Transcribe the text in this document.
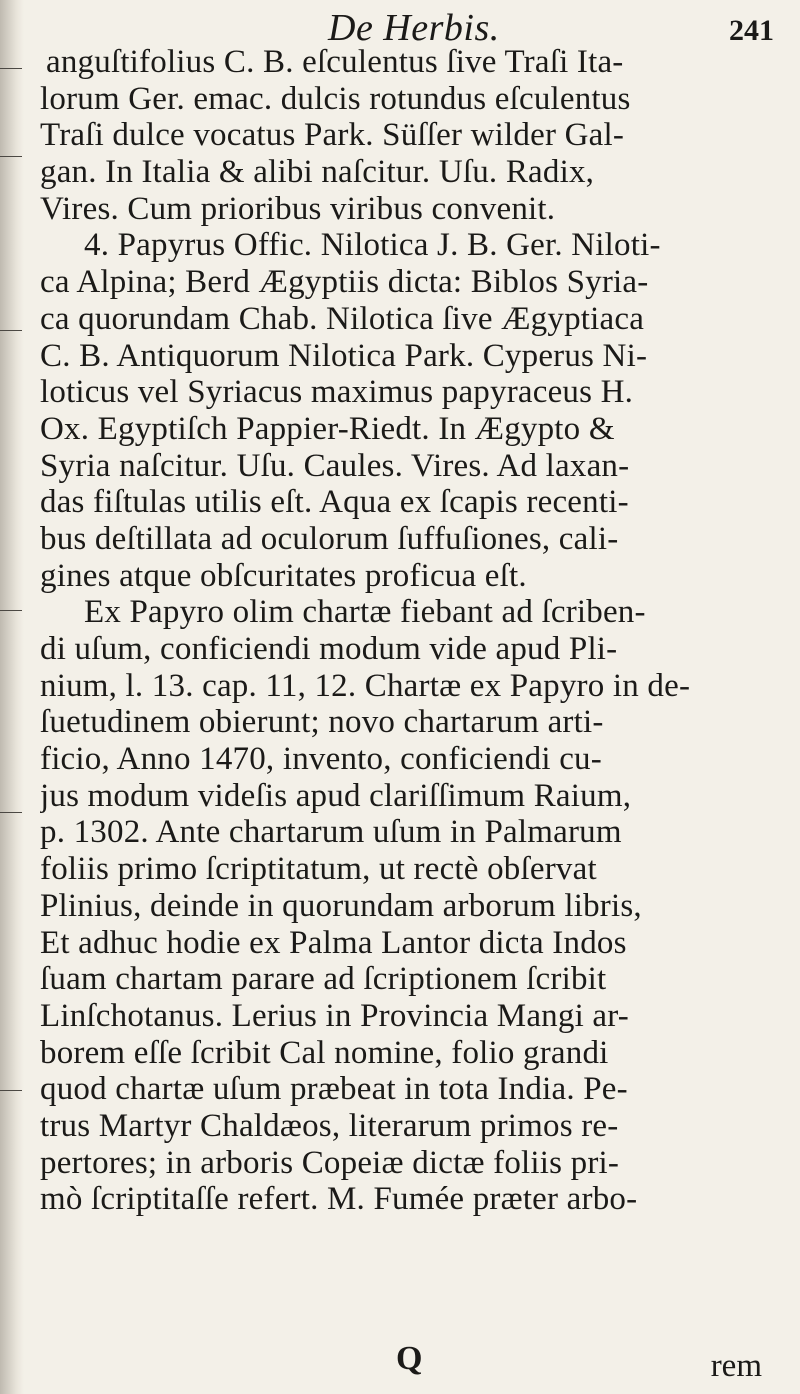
De Herbis.	241
anguſtifolius C. B. eſculentus ſive Traſi Ita-
lorum Ger. emac. dulcis rotundus eſculentus
Traſi dulce vocatus Park. Süſſer wilder Gal-
gan. In Italia & alibi naſcitur. Uſu. Radix,
Vires. Cum prioribus viribus convenit.
4. Papyrus Offic. Nilotica J. B. Ger. Niloti-
ca Alpina; Berd Ægyptiis dicta: Biblos Syria-
ca quorundam Chab. Nilotica ſive Ægyptiaca
C. B. Antiquorum Nilotica Park. Cyperus Ni-
loticus vel Syriacus maximus papyraceus H.
Ox. Egyptiſch Pappier-Riedt. In Ægypto &
Syria naſcitur. Uſu. Caules. Vires. Ad laxan-
das fiſtulas utilis eſt. Aqua ex ſcapis recenti-
bus deſtillata ad oculorum ſuffuſiones, cali-
gines atque obſcuritates proficua eſt.
Ex Papyro olim chartæ fiebant ad ſcriben-
di uſum, conficiendi modum vide apud Pli-
nium, l. 13. cap. 11, 12. Chartæ ex Papyro in de-
ſuetudinem obierunt; novo chartarum arti-
ficio, Anno 1470, invento, conficiendi cu-
jus modum videſis apud clariſſimum Raium,
p. 1302. Ante chartarum uſum in Palmarum
foliis primo ſcriptitatum, ut rectè obſervat
Plinius, deinde in quorundam arborum libris,
Et adhuc hodie ex Palma Lantor dicta Indos
ſuam chartam parare ad ſcriptionem ſcribit
Linſchotanus. Lerius in Provincia Mangi ar-
borem eſſe ſcribit Cal nomine, folio grandi
quod chartæ uſum præbeat in tota India. Pe-
trus Martyr Chaldæos, literarum primos re-
pertores; in arboris Copeiæ dictæ foliis pri-
mò ſcriptitaſſe refert. M. Fumée præter arbo-
Q	rem
